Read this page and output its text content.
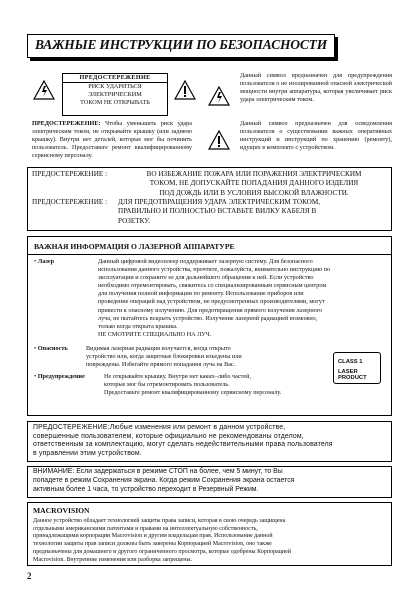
ВАЖНЫЕ ИНСТРУКЦИИ ПО БЕЗОПАСНОСТИ
ПРЕДОСТЕРЕЖЕНИЕ
РИСК УДАРИТЬСЯ
ЭЛЕКТРИЧЕСКИМ
ТОКОМ НЕ ОТКРЫВАТЬ
ПРЕДОСТЕРЕЖЕНИЕ: Чтобы уменьшить риск удара электрическим током, не открывайте крышку (или заднюю крышку). Внутри нет деталей, которые мог бы починить пользователь. Предоставьте ремонт квалифицированному сервисному персоналу.
Данный символ предназначен для предупреждения пользователя о не изолированной опасной электрической мощности внутри аппаратуры, которая увеличивает риск удара электрическим током.
Данный символ предназначен для осведомления пользователя о существовании важных оперативных инструкций и инструкций по хранению (ремонту), идущих в комплекте с устройством.
ПРЕДОСТЕРЕЖЕНИЕ :	ВО ИЗБЕЖАНИЕ ПОЖАРА ИЛИ ПОРАЖЕНИЯ ЭЛЕКТРИЧЕСКИМ
ТОКОМ, НЕ ДОПУСКАЙТЕ ПОПАДАНИЯ ДАННОГО ИЗДЕЛИЯ
ПОД ДОЖДЬ ИЛИ В УСЛОВИЯ ВЫСОКОЙ ВЛАЖНОСТИ.
ПРЕДОСТЕРЕЖЕНИЕ :	ДЛЯ ПРЕДОТВРАЩЕНИЯ УДАРА ЭЛЕКТРИЧЕСКИМ ТОКОМ,
ПРАВИЛЬНО И ПОЛНОСТЬЮ ВСТАВЬТЕ ВИЛКУ КАБЕЛЯ В
РОЗЕТКУ.
ВАЖНАЯ ИНФОРМАЦИЯ О ЛАЗЕРНОЙ АППАРАТУРЕ
• Лазер	Данный цифровой видеоплеер поддерживает лазерную систему. Для безопасного
использования данного устройства, прочтите, пожалуйста, внимательно инструкцию по
эксплуатации и сохраните ее для дальнейшего обращения к ней. Если устройство
необходимо отремонтировать, свяжитесь со специализированным сервисным центром
для получения полной информации по ремонту. Использование приборов или
проведение операций над устройством, не предусмотренных производителями, могут
привести к опасному излучению. Для предотвращения прямого излучения лазерного
луча, не пытайтесь вскрыть устройство. Излучение лазерной радиацией возможно,
только когда открыта крышка.
НЕ СМОТРИТЕ СПЕЦИАЛЬНО НА ЛУЧ.
• Опасность	Видимая лазерная радиация излучается, когда открыто
устройство или, когда защитные блокировки изъедены или
повреждены. Избегайте прямого попадания луча на Вас.
• Предупреждение	Не открывайте крышку. Внутри нет каких–либо частей,
которые мог бы отремонтировать пользователь.
Предоставьте ремонт квалифицированному сервисному персоналу.
CLASS 1
LASER PRODUCT
ПРЕДОСТЕРЕЖЕНИЕ:Любые изменения или ремонт в данном устройстве,
совершенные пользователем, которые официально не рекомендованы отделом,
ответственным за комплектацию, могут сделать недействительными права пользователя
в управлении этим устройством.
ВНИМАНИЕ: Если задержаться в режиме СТОП на более, чем 5 минут, то Вы
попадете в режим Сохранения экрана. Когда режим Сохранения экрана остается
активным более 1 часа, то устройство переходит в Резервный Режим.
MACROVISION
Данное устройство обладает технологией защиты права записи, которая в свою очередь защищена
отдельными американскими патентами и правами на интеллектуальную собственность,
принадлежащими корпорации Macrovision и другим владельцам прав. Использование данной
технологии защиты прав записи должны быть заверены Корпорацией Macrovision, оно также
предназначены для домашнего и другого ограниченного просмотра, которые одобрены Корпорацией
Macrovision. Внутренние изменения или разборка запрещены.
2
